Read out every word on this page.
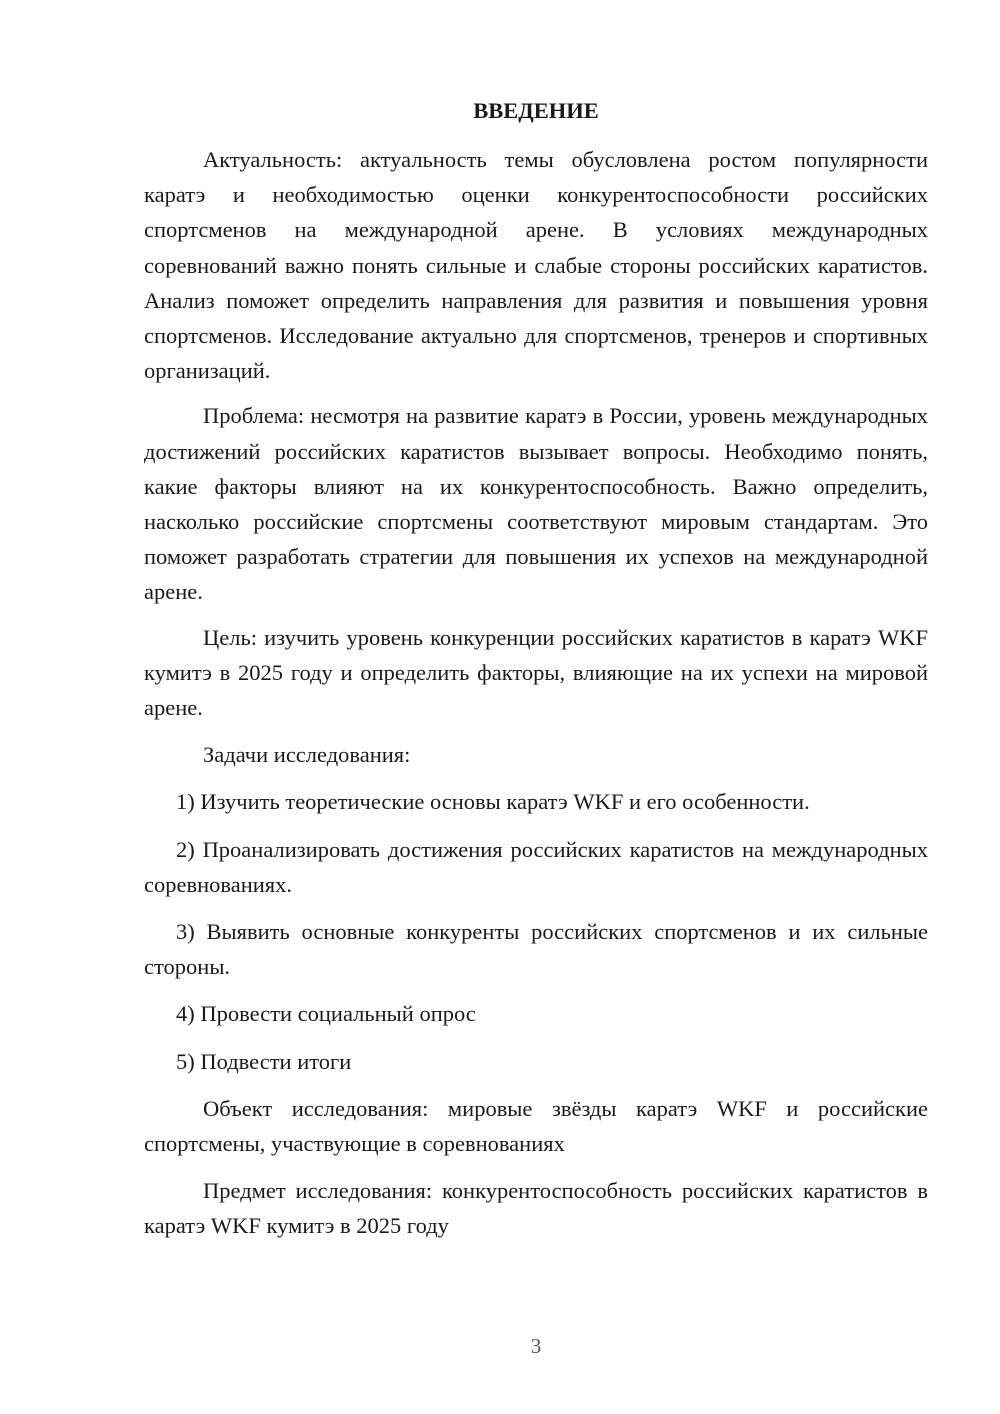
ВВЕДЕНИЕ

Актуальность: актуальность темы обусловлена ростом популярности каратэ и необходимостью оценки конкурентоспособности российских спортсменов на международной арене. В условиях международных соревнований важно понять сильные и слабые стороны российских каратистов. Анализ поможет определить направления для развития и повышения уровня спортсменов. Исследование актуально для спортсменов, тренеров и спортивных организаций.

Проблема: несмотря на развитие каратэ в России, уровень международных достижений российских каратистов вызывает вопросы. Необходимо понять, какие факторы влияют на их конкурентоспособность. Важно определить, насколько российские спортсмены соответствуют мировым стандартам. Это поможет разработать стратегии для повышения их успехов на международной арене.

Цель: изучить уровень конкуренции российских каратистов в каратэ WKF кумитэ в 2025 году и определить факторы, влияющие на их успехи на мировой арене.

Задачи исследования:

1) Изучить теоретические основы каратэ WKF и его особенности.

2) Проанализировать достижения российских каратистов на международных соревнованиях.

3) Выявить основные конкуренты российских спортсменов и их сильные стороны.

4) Провести социальный опрос

5) Подвести итоги

Объект исследования: мировые звёзды каратэ WKF и российские спортсмены, участвующие в соревнованиях

Предмет исследования: конкурентоспособность российских каратистов в каратэ WKF кумитэ в 2025 году

3
